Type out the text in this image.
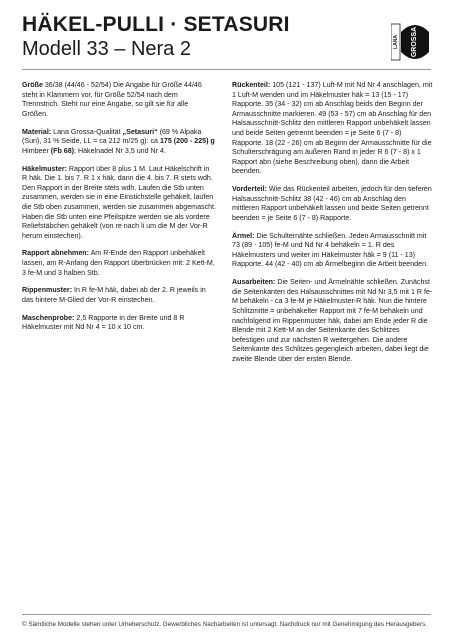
HÄKEL-PULLI · SETASURI
Modell 33 – Nera 2	LANA GROSSA

Größe 36/38 (44/46 - 52/54) Die Angabe für Größe 44/46 steht in Klammern vor, für Größe 52/54 nach dem Trennstrich. Steht nur eine Angabe, so gilt sie für alle Größen.

Material: Lana Grossa-Qualität „Setasuri“ (69 % Alpaka (Suri), 31 % Seide, LL = ca 212 m/25 g): ca 175 (200 - 225) g Himbeer (Fb 68); Häkelnadel Nr 3,5 und Nr 4.

Häkelmuster: Rapport über 8 plus 1 M. Laut Häkelschrift in R häk. Die 1. bis 7. R 1 x häk, dann die 4. bis 7. R stets wdh. Den Rapport in der Breite stets wdh. Laufen die Stb unten zusammen, werden sie in eine Einstichstelle gehäkelt, laufen die Stb oben zusammen, werden sie zusammen abgemascht. Haben die Stb unten eine Pfeilspitze werden sie als vordere Reliefstäbchen gehäkelt (von re nach li um die M der Vor-R herum einstechen).

Rapport abnehmen: Am R-Ende den Rapport unbehäkelt lassen, am R-Anfang den Rapport überbrücken mit: 2 Kett-M, 3 fe-M und 3 halben Stb.

Rippenmuster: In R fe-M häk, dabei ab der 2. R jeweils in das hintere M-Glied der Vor-R einstechen.

Maschenprobe: 2,5 Rapporte in der Breite und 8 R Häkelmuster mit Nd Nr 4 = 10 x 10 cm.

Rückenteil: 105 (121 - 137) Luft-M mit Nd Nr 4 anschlagen, mit 1 Luft-M wenden und im Häkelmuster häk = 13 (15 - 17) Rapporte. 35 (34 - 32) cm ab Anschlag beids den Beginn der Armausschnitte markieren. 49 (53 - 57) cm ab Anschlag für den Halsausschnitt-Schlitz den mittleren Rapport unbehäkelt lassen und beide Seiten getrennt beenden = je Seite 6 (7 - 8) Rapporte. 18 (22 - 26) cm ab Beginn der Armausschnitte für die Schulterschrägung am äußeren Rand in jeder R 6 (7 - 8) x 1 Rapport abn (siehe Beschreibung oben), dann die Arbeit beenden.

Vorderteil: Wie das Rückenteil arbeiten, jedoch für den tieferen Halsausschnitt-Schlitz 38 (42 - 46) cm ab Anschlag den mittleren Rapport unbehäkelt lassen und beide Seiten getrennt beenden = je Seite 6 (7 - 8) Rapporte.

Ärmel: Die Schulternähte schließen. Jeden Armausschnitt mit 73 (89 - 105) fe-M und Nd Nr 4 behäkeln = 1. R des Häkelmusters und weiter im Häkelmuster häk = 9 (11 - 13) Rapporte. 44 (42 - 40) cm ab Ärmelbeginn die Arbeit beenden.

Ausarbeiten: Die Seiten- und Ärmelnähte schließen. Zunächst die Seitenkanten des Halsausschnittes mit Nd Nr 3,5 mit 1 R fe-M behäkeln - ca 3 fe-M je Häkelmuster-R häk. Nun die hintere Schlitzmitte = unbehäkelter Rapport mit 7 fe-M behäkeln und nachfolgend im Rippenmuster häk, dabei am Ende jeder R die Blende mit 2 Kett-M an der Seitenkante des Schlitzes befestigen und zur nächsten R weitergehen. Die andere Seitenkante des Schlitzes gegengleich arbeiten, dabei liegt die zweite Blende über der ersten Blende.

© Sämtliche Modelle stehen unter Urheberschutz. Gewerbliches Nacharbeiten ist untersagt. Nachdruck nur mit Genehmigung des Herausgebers.
